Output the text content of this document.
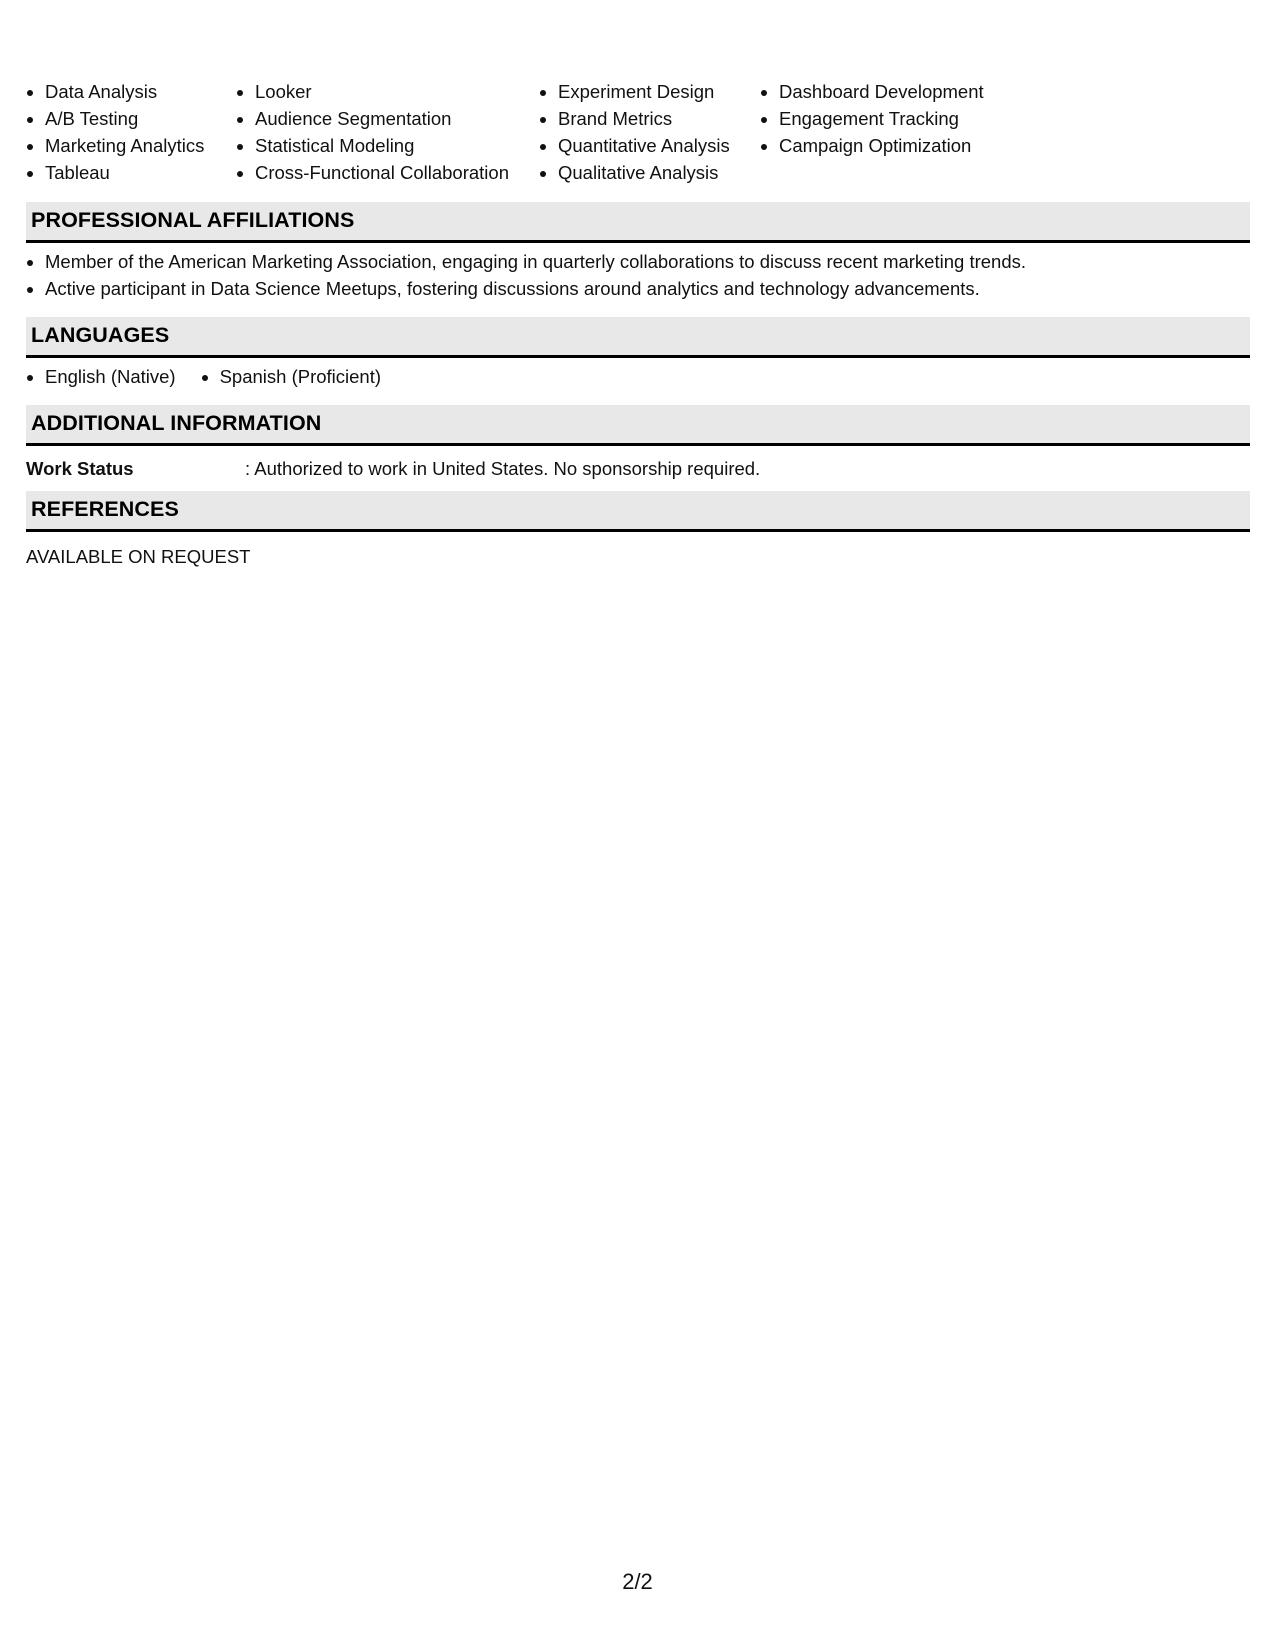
Data Analysis
A/B Testing
Marketing Analytics
Tableau
Looker
Audience Segmentation
Statistical Modeling
Cross-Functional Collaboration
Experiment Design
Brand Metrics
Quantitative Analysis
Qualitative Analysis
Dashboard Development
Engagement Tracking
Campaign Optimization
PROFESSIONAL AFFILIATIONS
Member of the American Marketing Association, engaging in quarterly collaborations to discuss recent marketing trends.
Active participant in Data Science Meetups, fostering discussions around analytics and technology advancements.
LANGUAGES
English (Native)	Spanish (Proficient)
ADDITIONAL INFORMATION
Work Status	: Authorized to work in United States. No sponsorship required.
REFERENCES
AVAILABLE ON REQUEST
2/2
